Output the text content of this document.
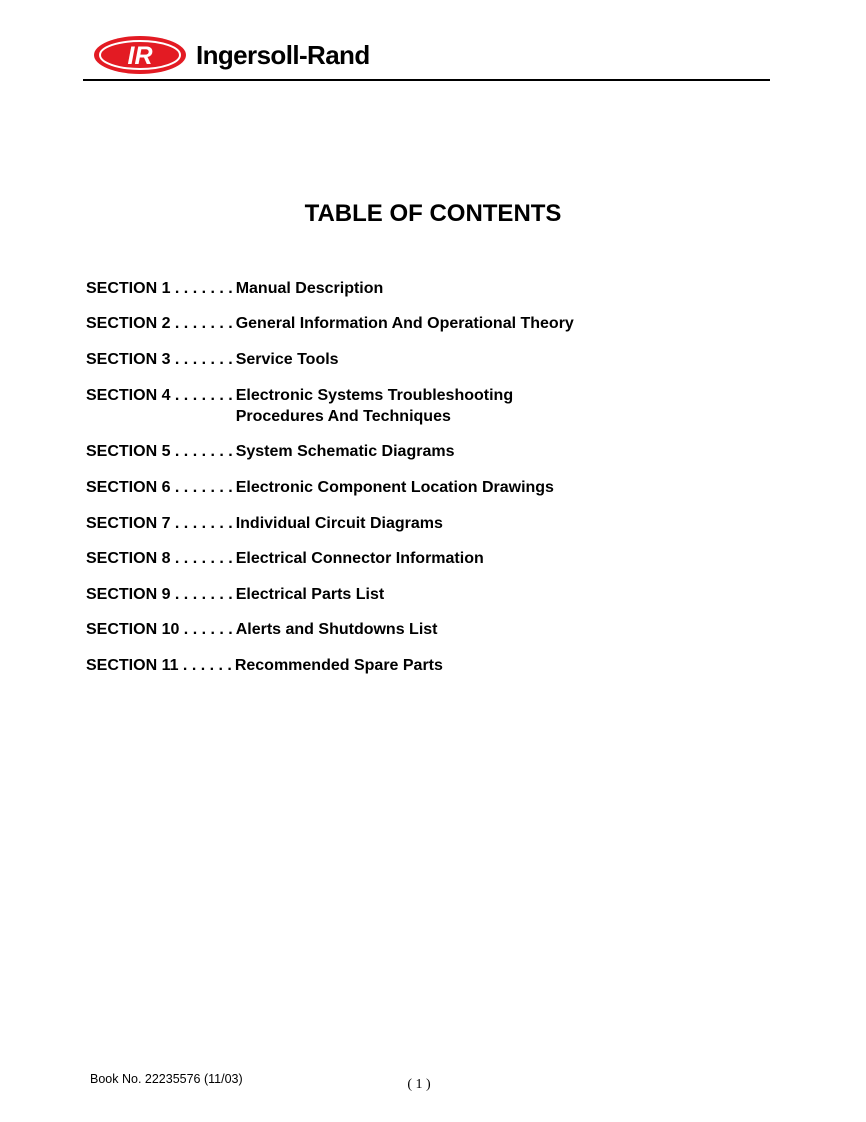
IR Ingersoll-Rand
TABLE OF CONTENTS
SECTION 1 . . . . . . . Manual Description
SECTION 2 . . . . . . . General Information And Operational Theory
SECTION 3 . . . . . . . Service Tools
SECTION 4 . . . . . . . Electronic Systems Troubleshooting
Procedures And Techniques
SECTION 5 . . . . . . . System Schematic Diagrams
SECTION 6 . . . . . . . Electronic Component Location Drawings
SECTION 7 . . . . . . . Individual Circuit Diagrams
SECTION 8 . . . . . . . Electrical Connector Information
SECTION 9 . . . . . . . Electrical Parts List
SECTION 10 . . . . . . Alerts and Shutdowns List
SECTION 11 . . . . . . Recommended Spare Parts
Book No. 22235576 (11/03)	( 1 )
